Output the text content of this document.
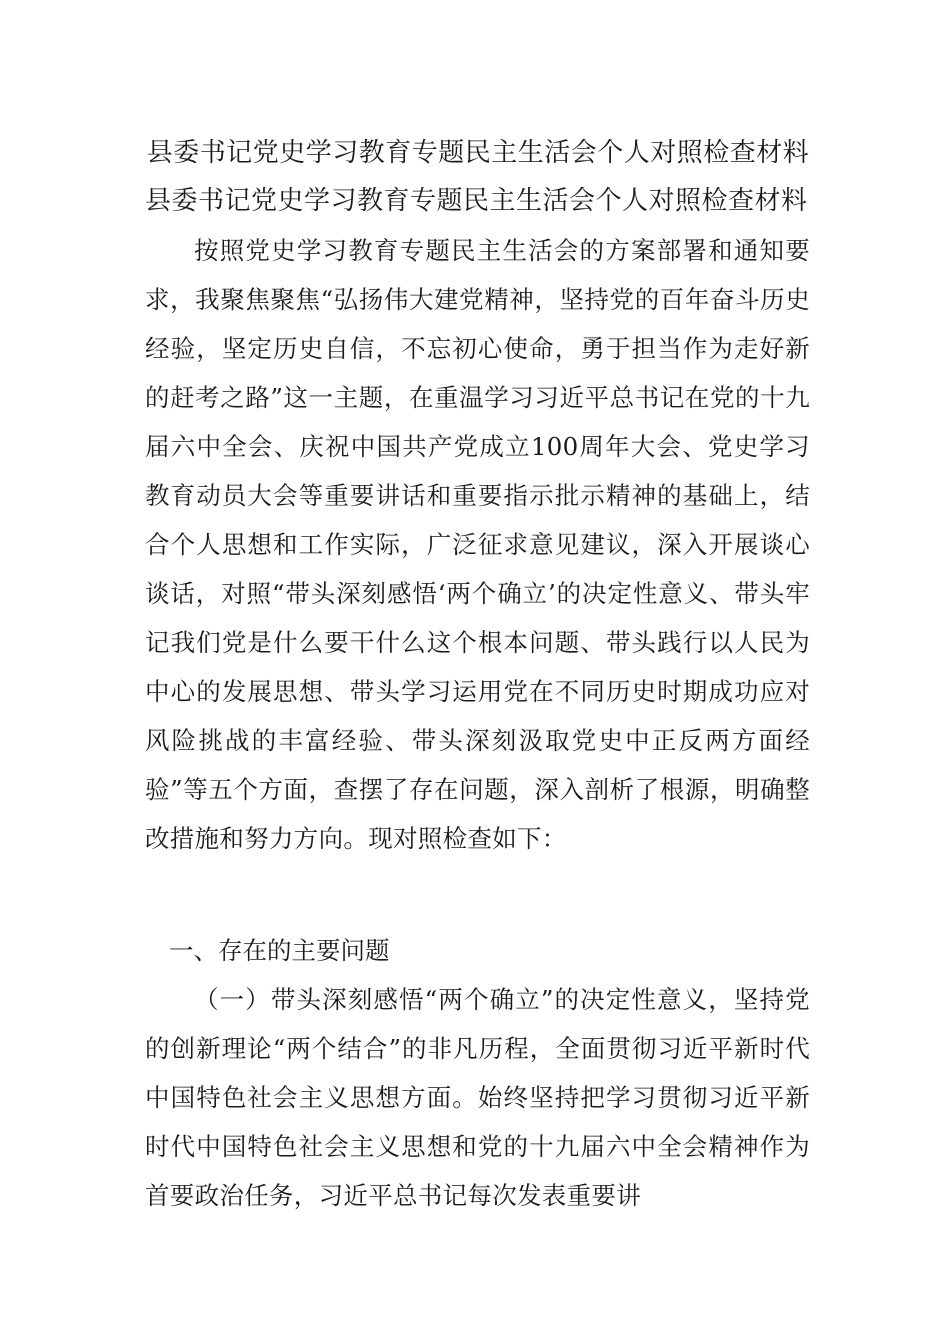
县委书记党史学习教育专题民主生活会个人对照检查材料
县委书记党史学习教育专题民主生活会个人对照检查材料

按照党史学习教育专题民主生活会的方案部署和通知要求，我聚焦聚焦“弘扬伟大建党精神，坚持党的百年奋斗历史经验，坚定历史自信，不忘初心使命，勇于担当作为走好新的赶考之路”这一主题，在重温学习习近平总书记在党的十九届六中全会、庆祝中国共产党成立100周年大会、党史学习教育动员大会等重要讲话和重要指示批示精神的基础上，结合个人思想和工作实际，广泛征求意见建议，深入开展谈心谈话，对照“带头深刻感悟‘两个确立’的决定性意义、带头牢记我们党是什么要干什么这个根本问题、带头践行以人民为中心的发展思想、带头学习运用党在不同历史时期成功应对风险挑战的丰富经验、带头深刻汲取党史中正反两方面经验”等五个方面，查摆了存在问题，深入剖析了根源，明确整改措施和努力方向。现对照检查如下：

一、存在的主要问题

（一）带头深刻感悟“两个确立”的决定性意义，坚持党的创新理论“两个结合”的非凡历程，全面贯彻习近平新时代中国特色社会主义思想方面。始终坚持把学习贯彻习近平新时代中国特色社会主义思想和党的十九届六中全会精神作为首要政治任务，习近平总书记每次发表重要讲
